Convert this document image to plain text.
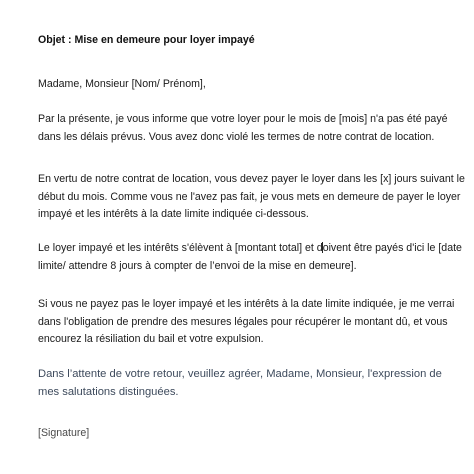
Objet : Mise en demeure pour loyer impayé
Madame, Monsieur [Nom/ Prénom],
Par la présente, je vous informe que votre loyer pour le mois de [mois] n'a pas été payé
dans les délais prévus. Vous avez donc violé les termes de notre contrat de location.
En vertu de notre contrat de location, vous devez payer le loyer dans les [x] jours suivant le
début du mois. Comme vous ne l'avez pas fait, je vous mets en demeure de payer le loyer
impayé et les intérêts à la date limite indiquée ci-dessous.
Le loyer impayé et les intérêts s'élèvent à [montant total] et doivent être payés d'ici le [date
limite/ attendre 8 jours à compter de l’envoi de la mise en demeure].
Si vous ne payez pas le loyer impayé et les intérêts à la date limite indiquée, je me verrai
dans l'obligation de prendre des mesures légales pour récupérer le montant dû, et vous
encourez la résiliation du bail et votre expulsion.
Dans l’attente de votre retour, veuillez agréer, Madame, Monsieur, l'expression de
mes salutations distinguées.
[Signature]
